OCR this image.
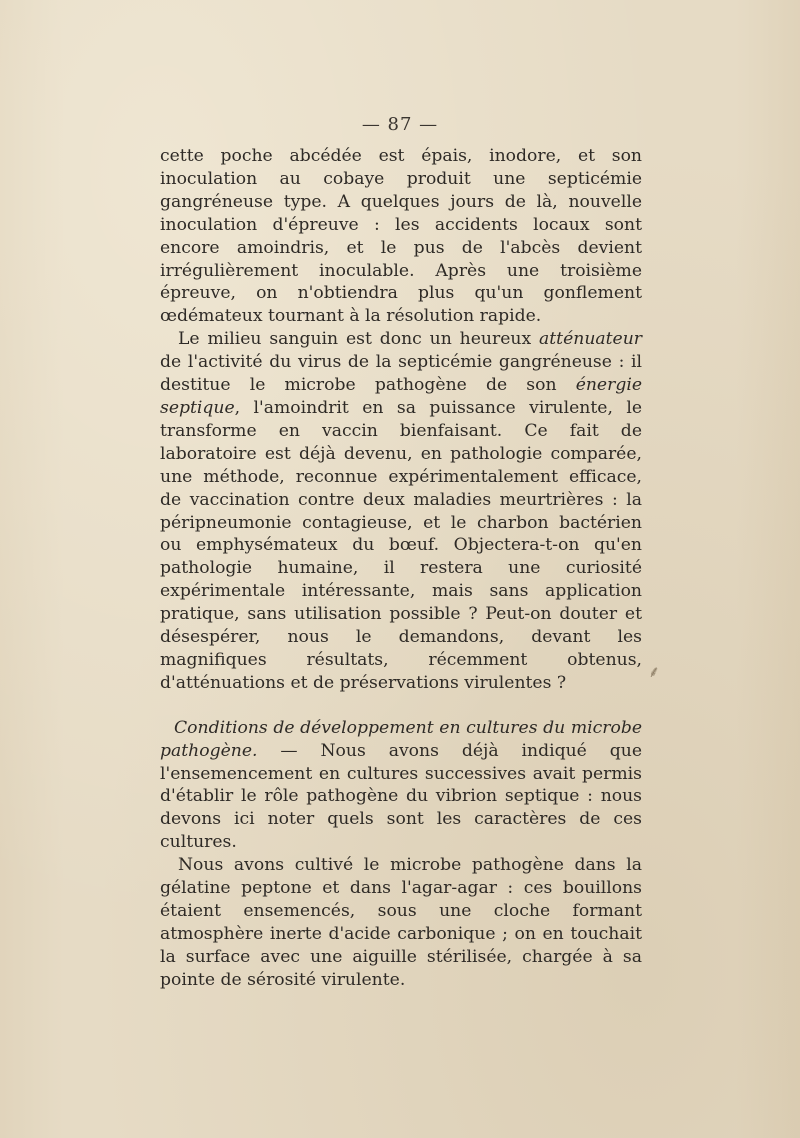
— 87 —

cette poche abcédée est épais, inodore, et son inoculation au cobaye produit une septicémie gangréneuse type. A quelques jours de là, nouvelle inoculation d'épreuve : les accidents locaux sont encore amoindris, et le pus de l'abcès devient irrégulièrement inoculable. Après une troisième épreuve, on n'obtiendra plus qu'un gonflement œdémateux tournant à la résolution rapide.

Le milieu sanguin est donc un heureux atténuateur de l'activité du virus de la septicémie gangréneuse : il destitue le microbe pathogène de son énergie septique, l'amoindrit en sa puissance virulente, le transforme en vaccin bienfaisant. Ce fait de laboratoire est déjà devenu, en pathologie comparée, une méthode, reconnue expérimentalement efficace, de vaccination contre deux maladies meurtrières : la péripneumonie contagieuse, et le charbon bactérien ou emphysémateux du bœuf. Objectera-t-on qu'en pathologie humaine, il restera une curiosité expérimentale intéressante, mais sans application pratique, sans utilisation possible ? Peut-on douter et désespérer, nous le demandons, devant les magnifiques résultats, récemment obtenus, d'atténuations et de préservations virulentes ?

Conditions de développement en cultures du microbe pathogène. — Nous avons déjà indiqué que l'ensemencement en cultures successives avait permis d'établir le rôle pathogène du vibrion septique : nous devons ici noter quels sont les caractères de ces cultures.

Nous avons cultivé le microbe pathogène dans la gélatine peptone et dans l'agar-agar : ces bouillons étaient ensemencés, sous une cloche formant atmosphère inerte d'acide carbonique ; on en touchait la surface avec une aiguille stérilisée, chargée à sa pointe de sérosité virulente.

⸙
